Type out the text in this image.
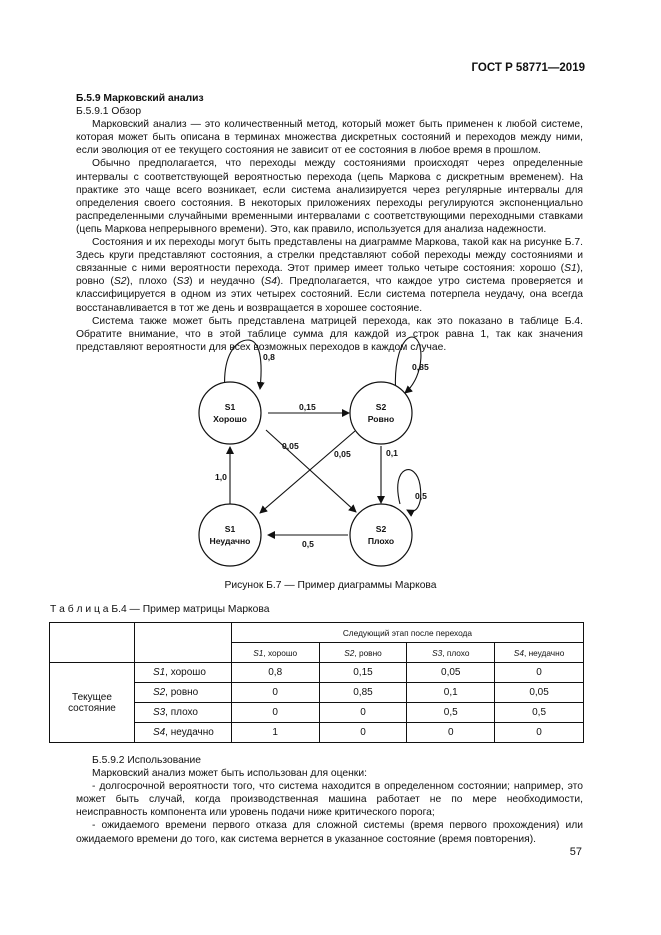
ГОСТ Р 58771—2019

Б.5.9 Марковский анализ

Б.5.9.1 Обзор

Марковский анализ — это количественный метод, который может быть применен к любой системе, которая может быть описана в терминах множества дискретных состояний и переходов между ними, если эволюция от ее текущего состояния не зависит от ее состояния в любое время в прошлом.

Обычно предполагается, что переходы между состояниями происходят через определенные интервалы с соответствующей вероятностью перехода (цепь Маркова с дискретным временем). На практике это чаще всего возникает, если система анализируется через регулярные интервалы для определения своего состояния. В некоторых приложениях переходы регулируются экспоненциально распределенными случайными временными интервалами с соответствующими переходными ставками (цепь Маркова непрерывного времени). Это, как правило, используется для анализа надежности.

Состояния и их переходы могут быть представлены на диаграмме Маркова, такой как на рисунке Б.7. Здесь круги представляют состояния, а стрелки представляют собой переходы между состояниями и связанные с ними вероятности перехода. Этот пример имеет только четыре состояния: хорошо (S1), ровно (S2), плохо (S3) и неудачно (S4). Предполагается, что каждое утро система проверяется и классифицируется в одном из этих четырех состояний. Если система потерпела неудачу, она всегда восстанавливается в тот же день и возвращается в хорошее состояние.

Система также может быть представлена матрицей перехода, как это показано в таблице Б.4. Обратите внимание, что в этой таблице сумма для каждой из строк равна 1, так как значения представляют вероятности для всех возможных переходов в каждом случае.

S1
Хорошо
S2
Ровно
S1
Неудачно
S2
Плохо
0,8
0,85
0,5
0,15
0,05
0,05	0,1
1,0
0,5
Рисунок Б.7 — Пример диаграммы Маркова
Т а б л и ц а Б.4 — Пример матрицы Маркова
		Следующий этап после перехода			
		S1, хорошо	S2, ровно	S3, плохо	S4, неудачно
Текущее состояние	S1, хорошо	0,8	0,15	0,05	0
	S2, ровно	0	0,85	0,1	0,05
	S3, плохо	0	0	0,5	0,5
	S4, неудачно	1	0	0	0

Б.5.9.2 Использование

Марковский анализ может быть использован для оценки:

- долгосрочной вероятности того, что система находится в определенном состоянии; например, это может быть случай, когда производственная машина работает не по мере необходимости, неисправность компонента или уровень подачи ниже критического порога;

- ожидаемого времени первого отказа для сложной системы (время первого прохождения) или ожидаемого времени до того, как система вернется в указанное состояние (время повторения).

57
